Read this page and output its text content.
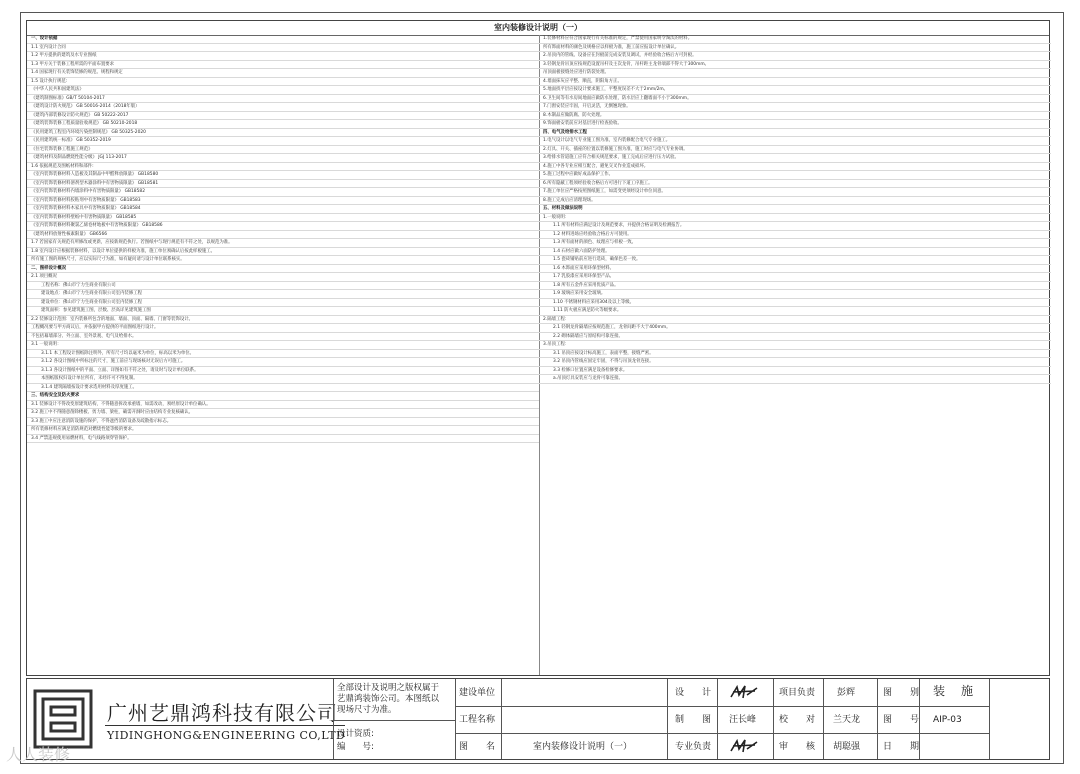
室内装修设计说明（一）
一、设计依据
1.1 室内设计合同
1.2 甲方提供的建筑及水专业图纸
1.3 甲方关于装修工程所需的平面布置要求
1.4 国家现行有关装饰装修的规范、规程和规定
1.5 设计执行规范:
《中华人民共和国建筑法》
《建筑制图标准》GB/T 50104-2017
《建筑设计防火规范》 GB 50016-2014（2018年版）
《建筑内部装修设计防火规范》 GB 50222-2017
《建筑装饰装修工程质量验收规范》 GB 50210-2018
《民用建筑工程室内环境污染控制规范》 GB 50325-2020
《民用建筑统一标准》 GB 50352-2019
《住宅装饰装修工程施工规范》
《建筑材料及制品燃烧性能分级》 JGJ 113-2017
1.6 依据规范及图纸材料和部件:
《室内装饰装修材料人造板及其制品中甲醛释放限量》 GB18580
《室内装饰装修材料溶剂型木器涂料中有害物质限量》 GB18581
《室内装饰装修材料内墙涂料中有害物质限量》 GB18582
《室内装饰装修材料胶粘剂中有害物质限量》 GB18583
《室内装饰装修材料木家具中有害物质限量》 GB18584
《室内装饰装修材料壁纸中有害物质限量》 GB18585
《室内装饰装修材料聚氯乙烯卷材地板中有害物质限量》 GB18586
《建筑材料放射性核素限量》 GB6566
1.7 若国家有关规范有所修改或更新，应按新规范执行。若图纸中与现行规范有不符之处，以规范为准。
1.8 室内设计应根据装修材料，以设计单位提供的样板为准，施工单位须确认后按此样板施工。
所有施工图的规格尺寸，应以实际尺寸为准，如有疑问请与设计单位联系核实。
二、图样设计概况
2.1 项目概况
工程名称：佛山市宁力生商业有限公司
建设地点：佛山市宁力生商业有限公司室内装修工程
建设单位：佛山市宁力生商业有限公司室内装修工程
建筑面积：参见建筑施工图，层数、层高详见建筑施工图
2.2 装修设计范围：室内装修所包含的地面、墙面、顶面、隔墙、门窗等装饰设计。
工程概况要与甲方商议后，并依据甲方提供的平面图纸进行设计。
不包括幕墙部分、外立面、室外景观、电气及给排水。
3.1 一般说明：
3.1.1 本工程设计图纸除注明外，所有尺寸均以毫米为单位，标高以米为单位。
3.1.2 各设计图纸中所标注的尺寸，施工前应与现场核对无误后方可施工。
3.1.3 各设计图纸中的平面、立面、详图如有不符之处，请及时与设计单位联系。
本图纸版权归设计单位所有，未经许可不得复制。
3.1.4 建筑隔墙按设计要求选用材料及厚度施工。
三、结构安全及防火要求
3.1 装修设计不得改变原建筑结构，不得随意拆改承重墙，如需改动，须经原设计单位确认。
3.2 施工中不得随意凿除楼板、剪力墙、梁柱，确需开洞时应由结构专业复核确认。
3.3 施工中应注意消防设施的保护，不得遮挡消防设备及疏散指示标志。
所有装修材料应满足消防规范对燃烧性能等级的要求。
3.4 严禁违规使用易燃材料，电气线路须穿管保护。
1.装修材料应符合国家现行有关标准的规定，严禁使用国家明令淘汰的材料。
所有饰面材料的颜色及规格应以样板为准，施工前应报设计单位确认。
2.吊顶内的管线、设备应在封板前完成安装及调试，并经验收合格后方可封板。
3.轻钢龙骨吊顶应按规范设置吊杆及主次龙骨，吊杆距主龙骨端部不得大于300mm。
吊顶面板接缝处应进行防裂处理。
4.墙面抹灰应平整、顺直，阴阳角方正。
5.地面找平层应按设计要求施工，平整度误差不大于2mm/2m。
6.卫生间等有水房间地面应做防水处理，防水层应上翻墙面不小于300mm。
7.门窗安装应牢固，开启灵活，无倒翘现象。
8.木制品应做防腐、防火处理。
9.饰面板安装前应对基层进行检查验收。
四、电气及给排水工程
1.电气设计以电气专业施工图为准，室内装修配合电气专业施工。
2.灯具、开关、插座的位置以装修施工图为准，施工时应与电气专业协调。
3.给排水管道施工应符合相关规范要求，施工完成后应进行压力试验。
4.施工中各专业应相互配合，避免交叉作业造成损坏。
5.施工过程中应做好成品保护工作。
6.所有隐蔽工程须经验收合格后方可进行下道工序施工。
7.施工单位应严格按照图纸施工，如需变更须经设计单位同意。
8.施工完成后应清理现场。
五、材料及做法说明
1.一般说明：
1.1 所有材料应满足设计及规范要求，并提供合格证明及检测报告。
1.2 材料进场应经验收合格后方可使用。
1.3 所有面材的颜色、纹理应与样板一致。
1.4 石材应做六面防护处理。
1.5 瓷砖铺贴前应进行选砖，确保色差一致。
1.6 木饰面应采用环保型材料。
1.7 乳胶漆应采用环保型产品。
1.8 所有五金件应采用优质产品。
1.9 玻璃应采用安全玻璃。
1.10 不锈钢材料应采用304及以上等级。
1.11 防火板应满足防火等级要求。
2.隔墙工程：
2.1 轻钢龙骨隔墙应按规范施工，龙骨间距不大于400mm。
2.2 砌体隔墙应与原结构可靠连接。
3.吊顶工程：
3.1 吊顶应按设计标高施工，表面平整，接缝严密。
3.2 吊顶内管线应固定牢固，不得与吊顶龙骨连接。
3.3 检修口位置应满足设备检修要求。
a.吊顶灯具安装应与龙骨可靠连接。
广州艺鼎鸿科技有限公司
YIDINGHONG&ENGINEERING CO,LTD
全部设计及说明之版权属于
艺鼎鸿装饰公司。本图纸以
现场尺寸为准。
设计资质:
编　　号:
建设单位
工程名称
图　　名	室内装修设计说明（一）
设　　计
制　　图
专业负责
汪长峰
项目负责
校　　对
审　　核
彭辉
兰天龙
胡聪强
图　　别
图　　号
日　　期
装　施
AIP-03
人人装修
